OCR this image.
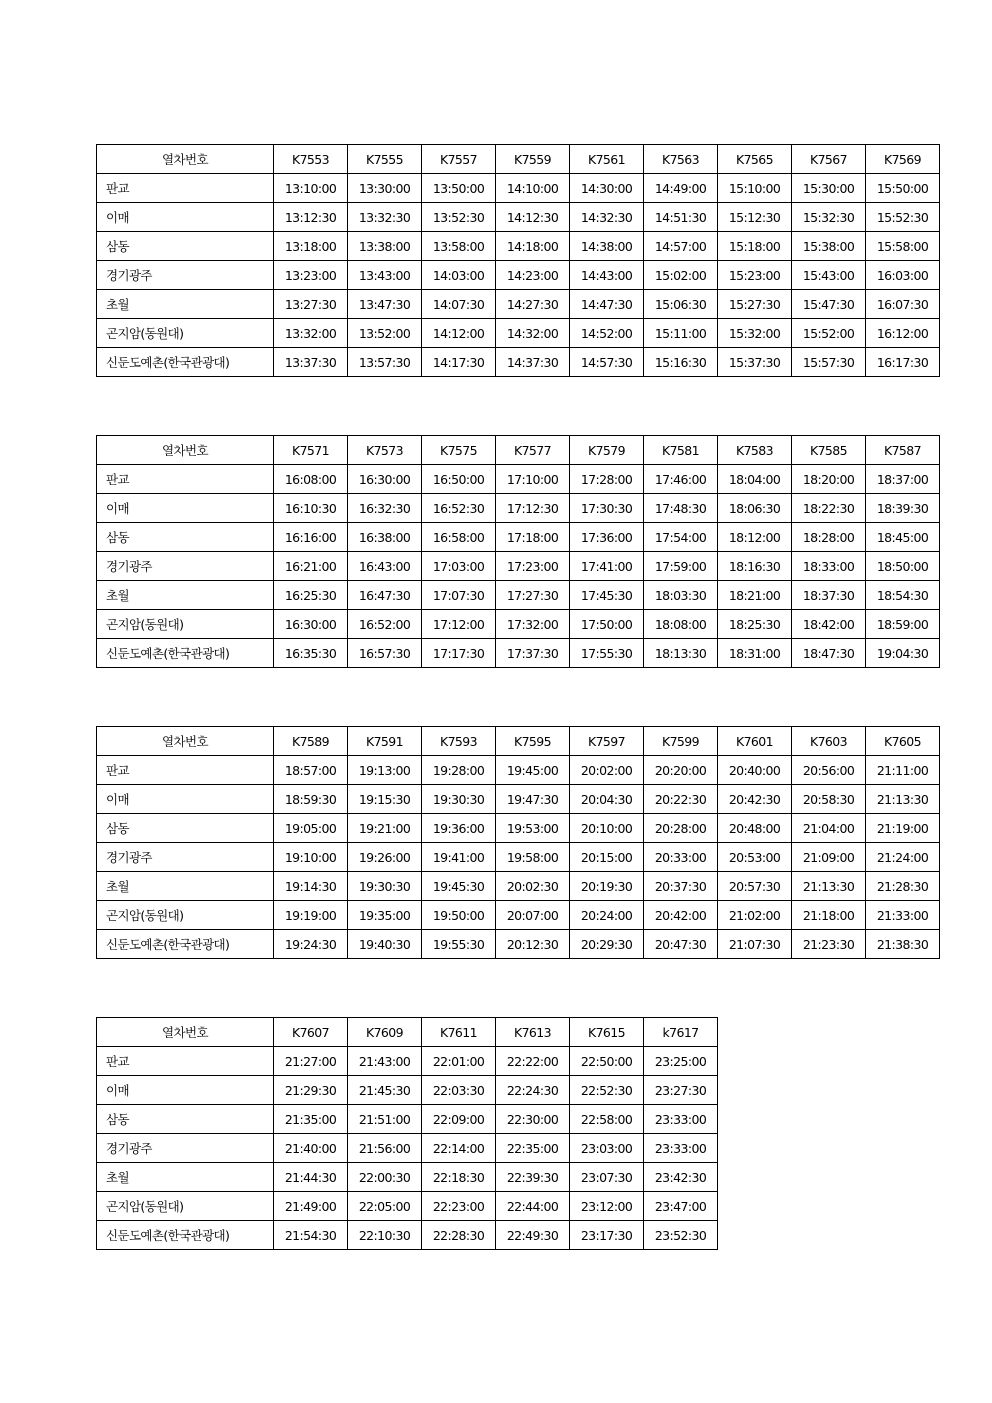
열차번호	K7553	K7555	K7557	K7559	K7561	K7563	K7565	K7567	K7569
판교	13:10:00	13:30:00	13:50:00	14:10:00	14:30:00	14:49:00	15:10:00	15:30:00	15:50:00
이매	13:12:30	13:32:30	13:52:30	14:12:30	14:32:30	14:51:30	15:12:30	15:32:30	15:52:30
삼동	13:18:00	13:38:00	13:58:00	14:18:00	14:38:00	14:57:00	15:18:00	15:38:00	15:58:00
경기광주	13:23:00	13:43:00	14:03:00	14:23:00	14:43:00	15:02:00	15:23:00	15:43:00	16:03:00
초월	13:27:30	13:47:30	14:07:30	14:27:30	14:47:30	15:06:30	15:27:30	15:47:30	16:07:30
곤지암(동원대)	13:32:00	13:52:00	14:12:00	14:32:00	14:52:00	15:11:00	15:32:00	15:52:00	16:12:00
신둔도예촌(한국관광대)	13:37:30	13:57:30	14:17:30	14:37:30	14:57:30	15:16:30	15:37:30	15:57:30	16:17:30
열차번호	K7571	K7573	K7575	K7577	K7579	K7581	K7583	K7585	K7587
판교	16:08:00	16:30:00	16:50:00	17:10:00	17:28:00	17:46:00	18:04:00	18:20:00	18:37:00
이매	16:10:30	16:32:30	16:52:30	17:12:30	17:30:30	17:48:30	18:06:30	18:22:30	18:39:30
삼동	16:16:00	16:38:00	16:58:00	17:18:00	17:36:00	17:54:00	18:12:00	18:28:00	18:45:00
경기광주	16:21:00	16:43:00	17:03:00	17:23:00	17:41:00	17:59:00	18:16:30	18:33:00	18:50:00
초월	16:25:30	16:47:30	17:07:30	17:27:30	17:45:30	18:03:30	18:21:00	18:37:30	18:54:30
곤지암(동원대)	16:30:00	16:52:00	17:12:00	17:32:00	17:50:00	18:08:00	18:25:30	18:42:00	18:59:00
신둔도예촌(한국관광대)	16:35:30	16:57:30	17:17:30	17:37:30	17:55:30	18:13:30	18:31:00	18:47:30	19:04:30
열차번호	K7589	K7591	K7593	K7595	K7597	K7599	K7601	K7603	K7605
판교	18:57:00	19:13:00	19:28:00	19:45:00	20:02:00	20:20:00	20:40:00	20:56:00	21:11:00
이매	18:59:30	19:15:30	19:30:30	19:47:30	20:04:30	20:22:30	20:42:30	20:58:30	21:13:30
삼동	19:05:00	19:21:00	19:36:00	19:53:00	20:10:00	20:28:00	20:48:00	21:04:00	21:19:00
경기광주	19:10:00	19:26:00	19:41:00	19:58:00	20:15:00	20:33:00	20:53:00	21:09:00	21:24:00
초월	19:14:30	19:30:30	19:45:30	20:02:30	20:19:30	20:37:30	20:57:30	21:13:30	21:28:30
곤지암(동원대)	19:19:00	19:35:00	19:50:00	20:07:00	20:24:00	20:42:00	21:02:00	21:18:00	21:33:00
신둔도예촌(한국관광대)	19:24:30	19:40:30	19:55:30	20:12:30	20:29:30	20:47:30	21:07:30	21:23:30	21:38:30
열차번호	K7607	K7609	K7611	K7613	K7615	k7617
판교	21:27:00	21:43:00	22:01:00	22:22:00	22:50:00	23:25:00
이매	21:29:30	21:45:30	22:03:30	22:24:30	22:52:30	23:27:30
삼동	21:35:00	21:51:00	22:09:00	22:30:00	22:58:00	23:33:00
경기광주	21:40:00	21:56:00	22:14:00	22:35:00	23:03:00	23:33:00
초월	21:44:30	22:00:30	22:18:30	22:39:30	23:07:30	23:42:30
곤지암(동원대)	21:49:00	22:05:00	22:23:00	22:44:00	23:12:00	23:47:00
신둔도예촌(한국관광대)	21:54:30	22:10:30	22:28:30	22:49:30	23:17:30	23:52:30
